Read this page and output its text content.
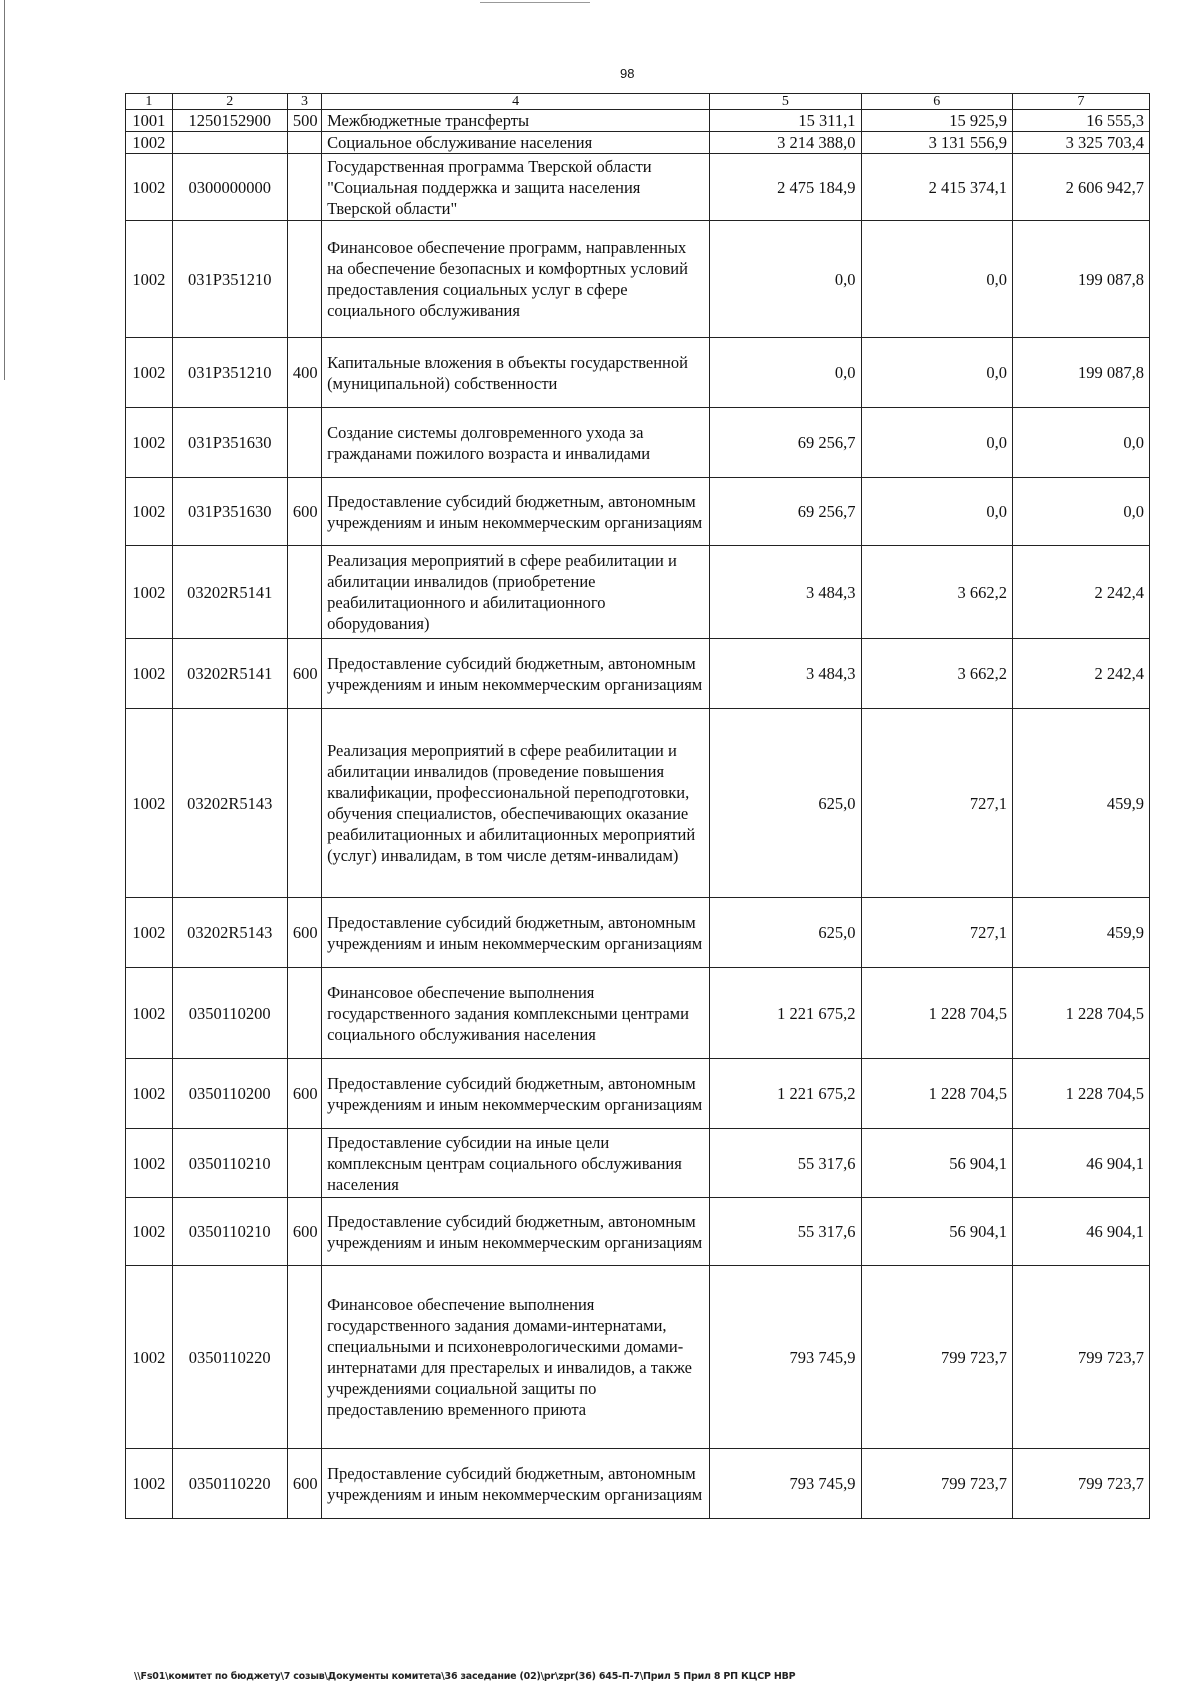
98
1	2	3	4	5	6	7
1001	1250152900	500	Межбюджетные трансферты	15 311,1	15 925,9	16 555,3
1002			Социальное обслуживание населения	3 214 388,0	3 131 556,9	3 325 703,4
1002	0300000000		Государственная программа Тверской области "Социальная поддержка и защита населения Тверской области"	2 475 184,9	2 415 374,1	2 606 942,7
1002	031P351210		Финансовое обеспечение программ, направленных на обеспечение безопасных и комфортных условий предоставления социальных услуг в сфере социального обслуживания	0,0	0,0	199 087,8
1002	031P351210	400	Капитальные вложения в объекты государственной (муниципальной) собственности	0,0	0,0	199 087,8
1002	031P351630		Создание системы долговременного ухода за гражданами пожилого возраста и инвалидами	69 256,7	0,0	0,0
1002	031P351630	600	Предоставление субсидий бюджетным, автономным учреждениям и иным некоммерческим организациям	69 256,7	0,0	0,0
1002	03202R5141		Реализация мероприятий в сфере реабилитации и абилитации инвалидов (приобретение реабилитационного и абилитационного оборудования)	3 484,3	3 662,2	2 242,4
1002	03202R5141	600	Предоставление субсидий бюджетным, автономным учреждениям и иным некоммерческим организациям	3 484,3	3 662,2	2 242,4
1002	03202R5143		Реализация мероприятий в сфере реабилитации и абилитации инвалидов (проведение повышения квалификации, профессиональной переподготовки, обучения специалистов, обеспечивающих оказание реабилитационных и абилитационных мероприятий (услуг) инвалидам, в том числе детям-инвалидам)	625,0	727,1	459,9
1002	03202R5143	600	Предоставление субсидий бюджетным, автономным учреждениям и иным некоммерческим организациям	625,0	727,1	459,9
1002	0350110200		Финансовое обеспечение выполнения государственного задания комплексными центрами социального обслуживания населения	1 221 675,2	1 228 704,5	1 228 704,5
1002	0350110200	600	Предоставление субсидий бюджетным, автономным учреждениям и иным некоммерческим организациям	1 221 675,2	1 228 704,5	1 228 704,5
1002	0350110210		Предоставление субсидии на иные цели комплексным центрам социального обслуживания населения	55 317,6	56 904,1	46 904,1
1002	0350110210	600	Предоставление субсидий бюджетным, автономным учреждениям и иным некоммерческим организациям	55 317,6	56 904,1	46 904,1
1002	0350110220		Финансовое обеспечение выполнения государственного задания домами-интернатами, специальными и психоневрологическими домами-интернатами для престарелых и инвалидов, а также учреждениями социальной защиты по предоставлению временного приюта	793 745,9	799 723,7	799 723,7
1002	0350110220	600	Предоставление субсидий бюджетным, автономным учреждениям и иным некоммерческим организациям	793 745,9	799 723,7	799 723,7
\\Fs01\комитет по бюджету\7 созыв\Документы комитета\36 заседание (02)\pr\zpr(36) 645-П-7\Прил 5 Прил 8 РП КЦСР НВР
